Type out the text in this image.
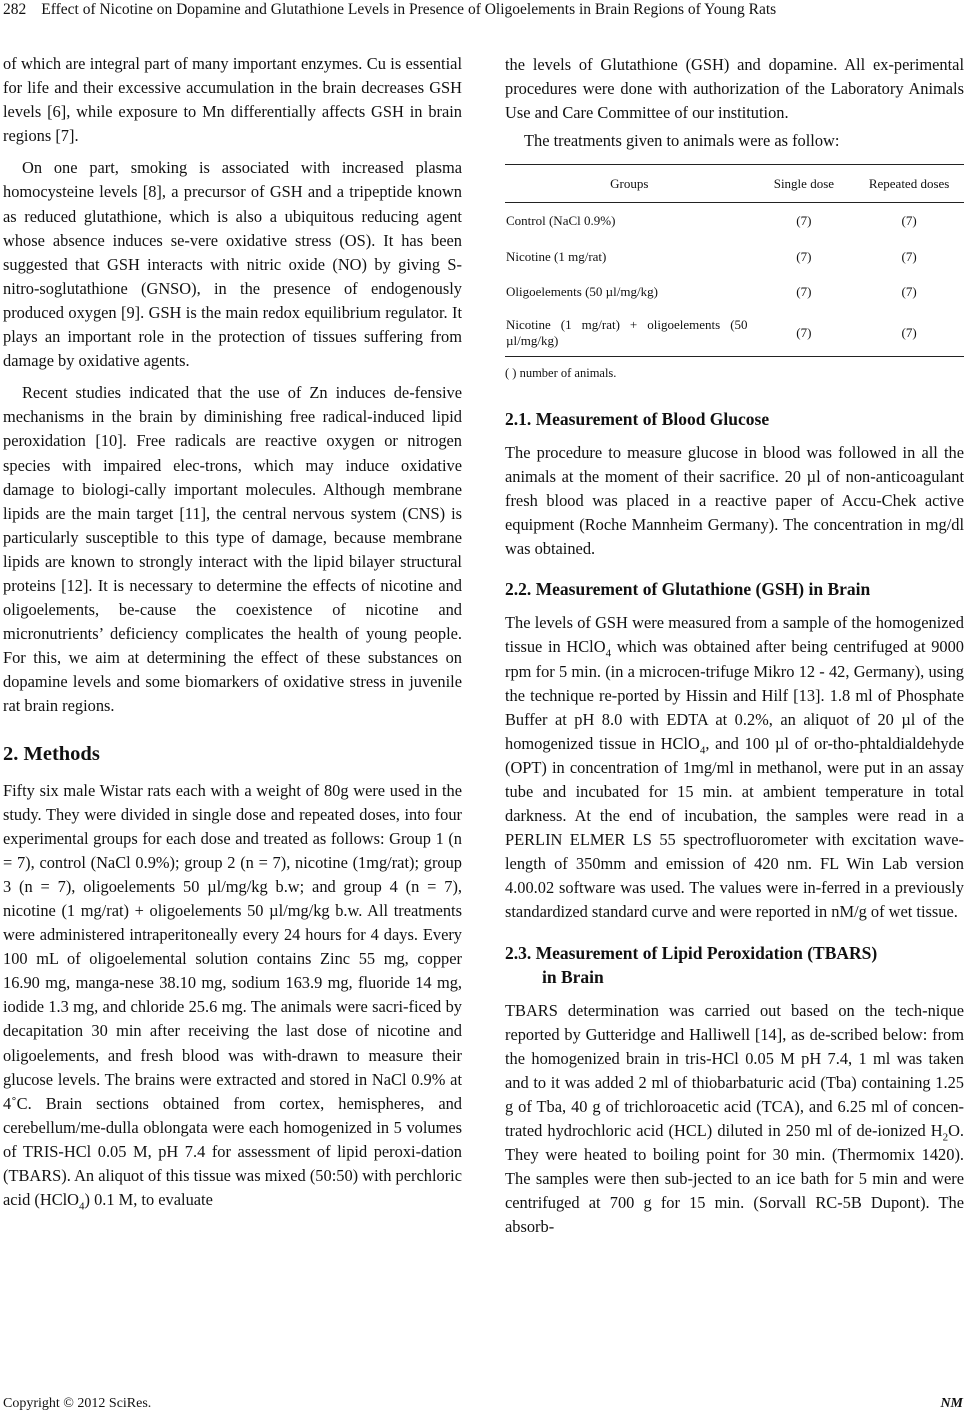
282 Effect of Nicotine on Dopamine and Glutathione Levels in Presence of Oligoelements in Brain Regions of Young Rats

of which are integral part of many important enzymes. Cu is essential for life and their excessive accumulation in the brain decreases GSH levels [6], while exposure to Mn differentially affects GSH in brain regions [7].

On one part, smoking is associated with increased plasma homocysteine levels [8], a precursor of GSH and a tripeptide known as reduced glutathione, which is also a ubiquitous reducing agent whose absence induces se-vere oxidative stress (OS). It has been suggested that GSH interacts with nitric oxide (NO) by giving S-nitro-soglutathione (GNSO), in the presence of endogenously produced oxygen [9]. GSH is the main redox equilibrium regulator. It plays an important role in the protection of tissues suffering from damage by oxidative agents.

Recent studies indicated that the use of Zn induces de-fensive mechanisms in the brain by diminishing free radical-induced lipid peroxidation [10]. Free radicals are reactive oxygen or nitrogen species with impaired elec-trons, which may induce oxidative damage to biologi-cally important molecules. Although membrane lipids are the main target [11], the central nervous system (CNS) is particularly susceptible to this type of damage, because membrane lipids are known to strongly interact with the lipid bilayer structural proteins [12]. It is necessary to determine the effects of nicotine and oligoelements, be-cause the coexistence of nicotine and micronutrients’ deficiency complicates the health of young people. For this, we aim at determining the effect of these substances on dopamine levels and some biomarkers of oxidative stress in juvenile rat brain regions.

2. Methods

Fifty six male Wistar rats each with a weight of 80g were used in the study. They were divided in single dose and repeated doses, into four experimental groups for each dose and treated as follows: Group 1 (n = 7), control (NaCl 0.9%); group 2 (n = 7), nicotine (1mg/rat); group 3 (n = 7), oligoelements 50 µl/mg/kg b.w; and group 4 (n = 7), nicotine (1 mg/rat) + oligoelements 50 µl/mg/kg b.w. All treatments were administered intraperitoneally every 24 hours for 4 days. Every 100 mL of oligoelemental solution contains Zinc 55 mg, copper 16.90 mg, manga-nese 38.10 mg, sodium 163.9 mg, fluoride 14 mg, iodide 1.3 mg, and chloride 25.6 mg. The animals were sacri-ficed by decapitation 30 min after receiving the last dose of nicotine and oligoelements, and fresh blood was with-drawn to measure their glucose levels. The brains were extracted and stored in NaCl 0.9% at 4˚C. Brain sections obtained from cortex, hemispheres, and cerebellum/me-dulla oblongata were each homogenized in 5 volumes of TRIS-HCl 0.05 M, pH 7.4 for assessment of lipid peroxi-dation (TBARS). An aliquot of this tissue was mixed (50:50) with perchloric acid (HClO$_4$) 0.1 M, to evaluate

the levels of Glutathione (GSH) and dopamine. All ex-perimental procedures were done with authorization of the Laboratory Animals Use and Care Committee of our institution.

The treatments given to animals were as follow:

Groups	Single dose	Repeated doses
Control (NaCl 0.9%)	(7)	(7)
Nicotine (1 mg/rat)	(7)	(7)
Oligoelements (50 µl/mg/kg)	(7)	(7)
Nicotine (1 mg/rat) + oligoelements (50 µl/mg/kg)	(7)	(7)
( ) number of animals.
2.1. Measurement of Blood Glucose

The procedure to measure glucose in blood was followed in all the animals at the moment of their sacrifice. 20 µl of non-anticoagulant fresh blood was placed in a reactive paper of Accu-Chek active equipment (Roche Mannheim Germany). The concentration in mg/dl was obtained.

2.2. Measurement of Glutathione (GSH) in Brain

The levels of GSH were measured from a sample of the homogenized tissue in HClO$_4$ which was obtained after being centrifuged at 9000 rpm for 5 min. (in a microcen-trifuge Mikro 12 - 42, Germany), using the technique re-ported by Hissin and Hilf [13]. 1.8 ml of Phosphate Buffer at pH 8.0 with EDTA at 0.2%, an aliquot of 20 µl of the homogenized tissue in HClO$_4$, and 100 µl of or-tho-phtaldialdehyde (OPT) in concentration of 1mg/ml in methanol, were put in an assay tube and incubated for 15 min. at ambient temperature in total darkness. At the end of incubation, the samples were read in a PERLIN ELMER LS 55 spectrofluorometer with excitation wave-length of 350mm and emission of 420 nm. FL Win Lab version 4.00.02 software was used. The values were in-ferred in a previously standardized standard curve and were reported in nM/g of wet tissue.

2.3. Measurement of Lipid Peroxidation (TBARS)
in Brain

TBARS determination was carried out based on the tech-nique reported by Gutteridge and Halliwell [14], as de-scribed below: from the homogenized brain in tris-HCl 0.05 M pH 7.4, 1 ml was taken and to it was added 2 ml of thiobarbaturic acid (Tba) containing 1.25 g of Tba, 40 g of trichloroacetic acid (TCA), and 6.25 ml of concen-trated hydrochloric acid (HCL) diluted in 250 ml of de-ionized $H_2O$. They were heated to boiling point for 30 min. (Thermomix 1420). The samples were then sub-jected to an ice bath for 5 min and were centrifuged at 700 g for 15 min. (Sorvall RC-5B Dupont). The absorb-

Copyright © 2012 SciRes.	NM
